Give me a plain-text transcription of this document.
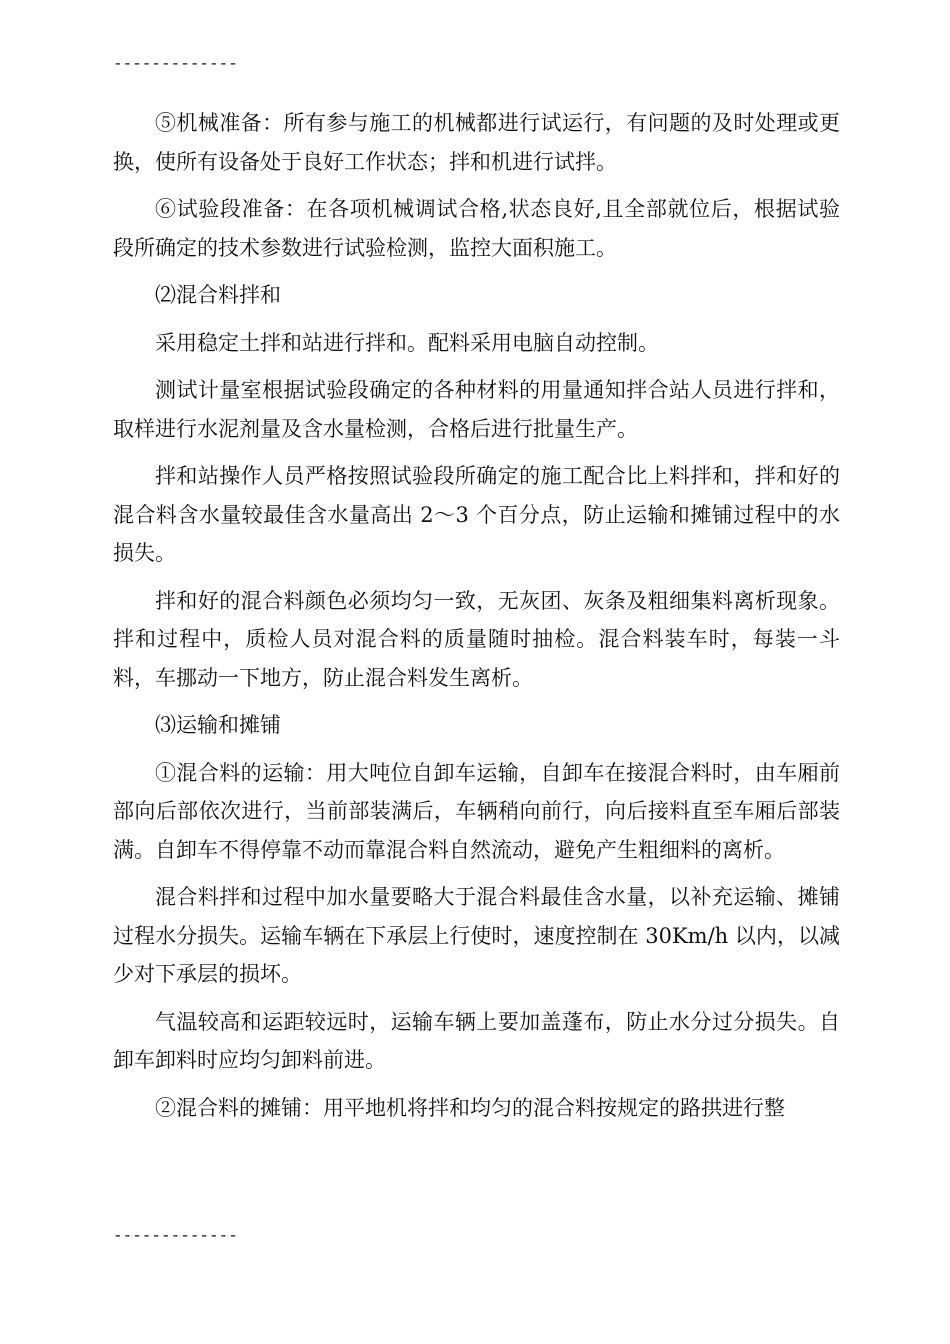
-------------

⑤机械准备：所有参与施工的机械都进行试运行，有问题的及时处理或更换，使所有设备处于良好工作状态；拌和机进行试拌。

⑥试验段准备：在各项机械调试合格,状态良好,且全部就位后，根据试验段所确定的技术参数进行试验检测，监控大面积施工。

⑵混合料拌和

采用稳定土拌和站进行拌和。配料采用电脑自动控制。

测试计量室根据试验段确定的各种材料的用量通知拌合站人员进行拌和，取样进行水泥剂量及含水量检测，合格后进行批量生产。

拌和站操作人员严格按照试验段所确定的施工配合比上料拌和，拌和好的混合料含水量较最佳含水量高出 2～3 个百分点，防止运输和摊铺过程中的水损失。

拌和好的混合料颜色必须均匀一致，无灰团、灰条及粗细集料离析现象。拌和过程中，质检人员对混合料的质量随时抽检。混合料装车时，每装一斗料，车挪动一下地方，防止混合料发生离析。

⑶运输和摊铺

①混合料的运输：用大吨位自卸车运输，自卸车在接混合料时，由车厢前部向后部依次进行，当前部装满后，车辆稍向前行，向后接料直至车厢后部装满。自卸车不得停靠不动而靠混合料自然流动，避免产生粗细料的离析。

混合料拌和过程中加水量要略大于混合料最佳含水量，以补充运输、摊铺过程水分损失。运输车辆在下承层上行使时，速度控制在 30Km/h 以内，以减少对下承层的损坏。

气温较高和运距较远时，运输车辆上要加盖蓬布，防止水分过分损失。自卸车卸料时应均匀卸料前进。

②混合料的摊铺：用平地机将拌和均匀的混合料按规定的路拱进行整

-------------
